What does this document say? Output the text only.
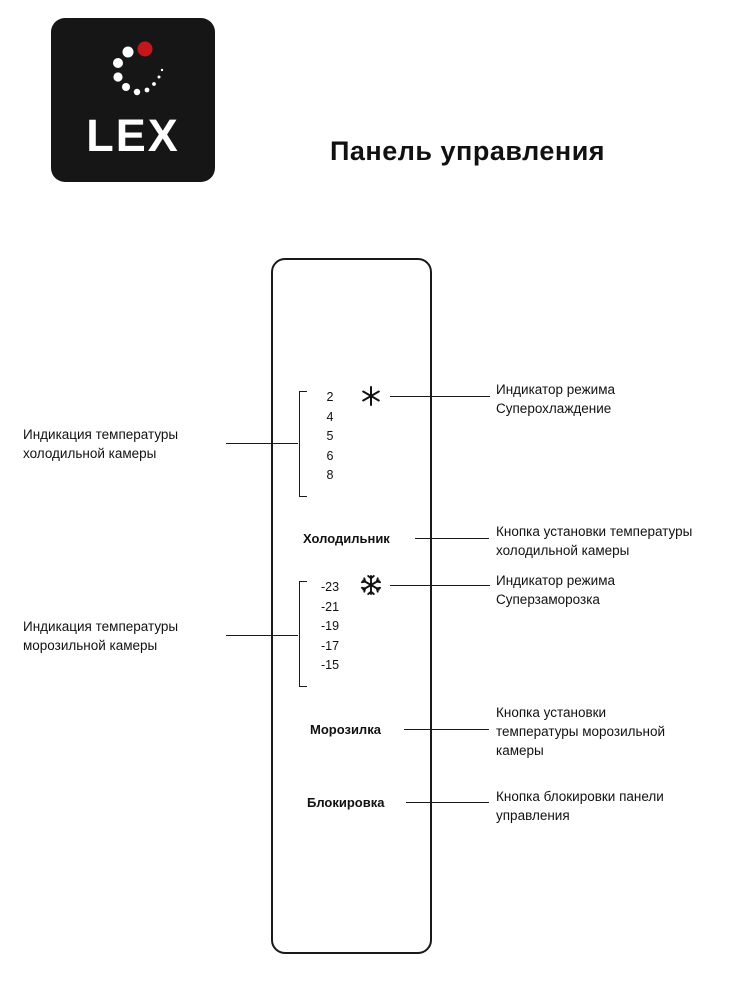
LEX	Панель управления
2
4
5
6
8
Холодильник
-23
-21
-19
-17
-15
Морозилка
Блокировка
Индикация температуры
холодильной камеры
Индикация температуры
морозильной камеры
Индикатор режима
Суперохлаждение
Кнопка установки температуры
холодильной камеры
Индикатор режима
Суперзаморозка
Кнопка установки
температуры морозильной
камеры
Кнопка блокировки панели
управления
